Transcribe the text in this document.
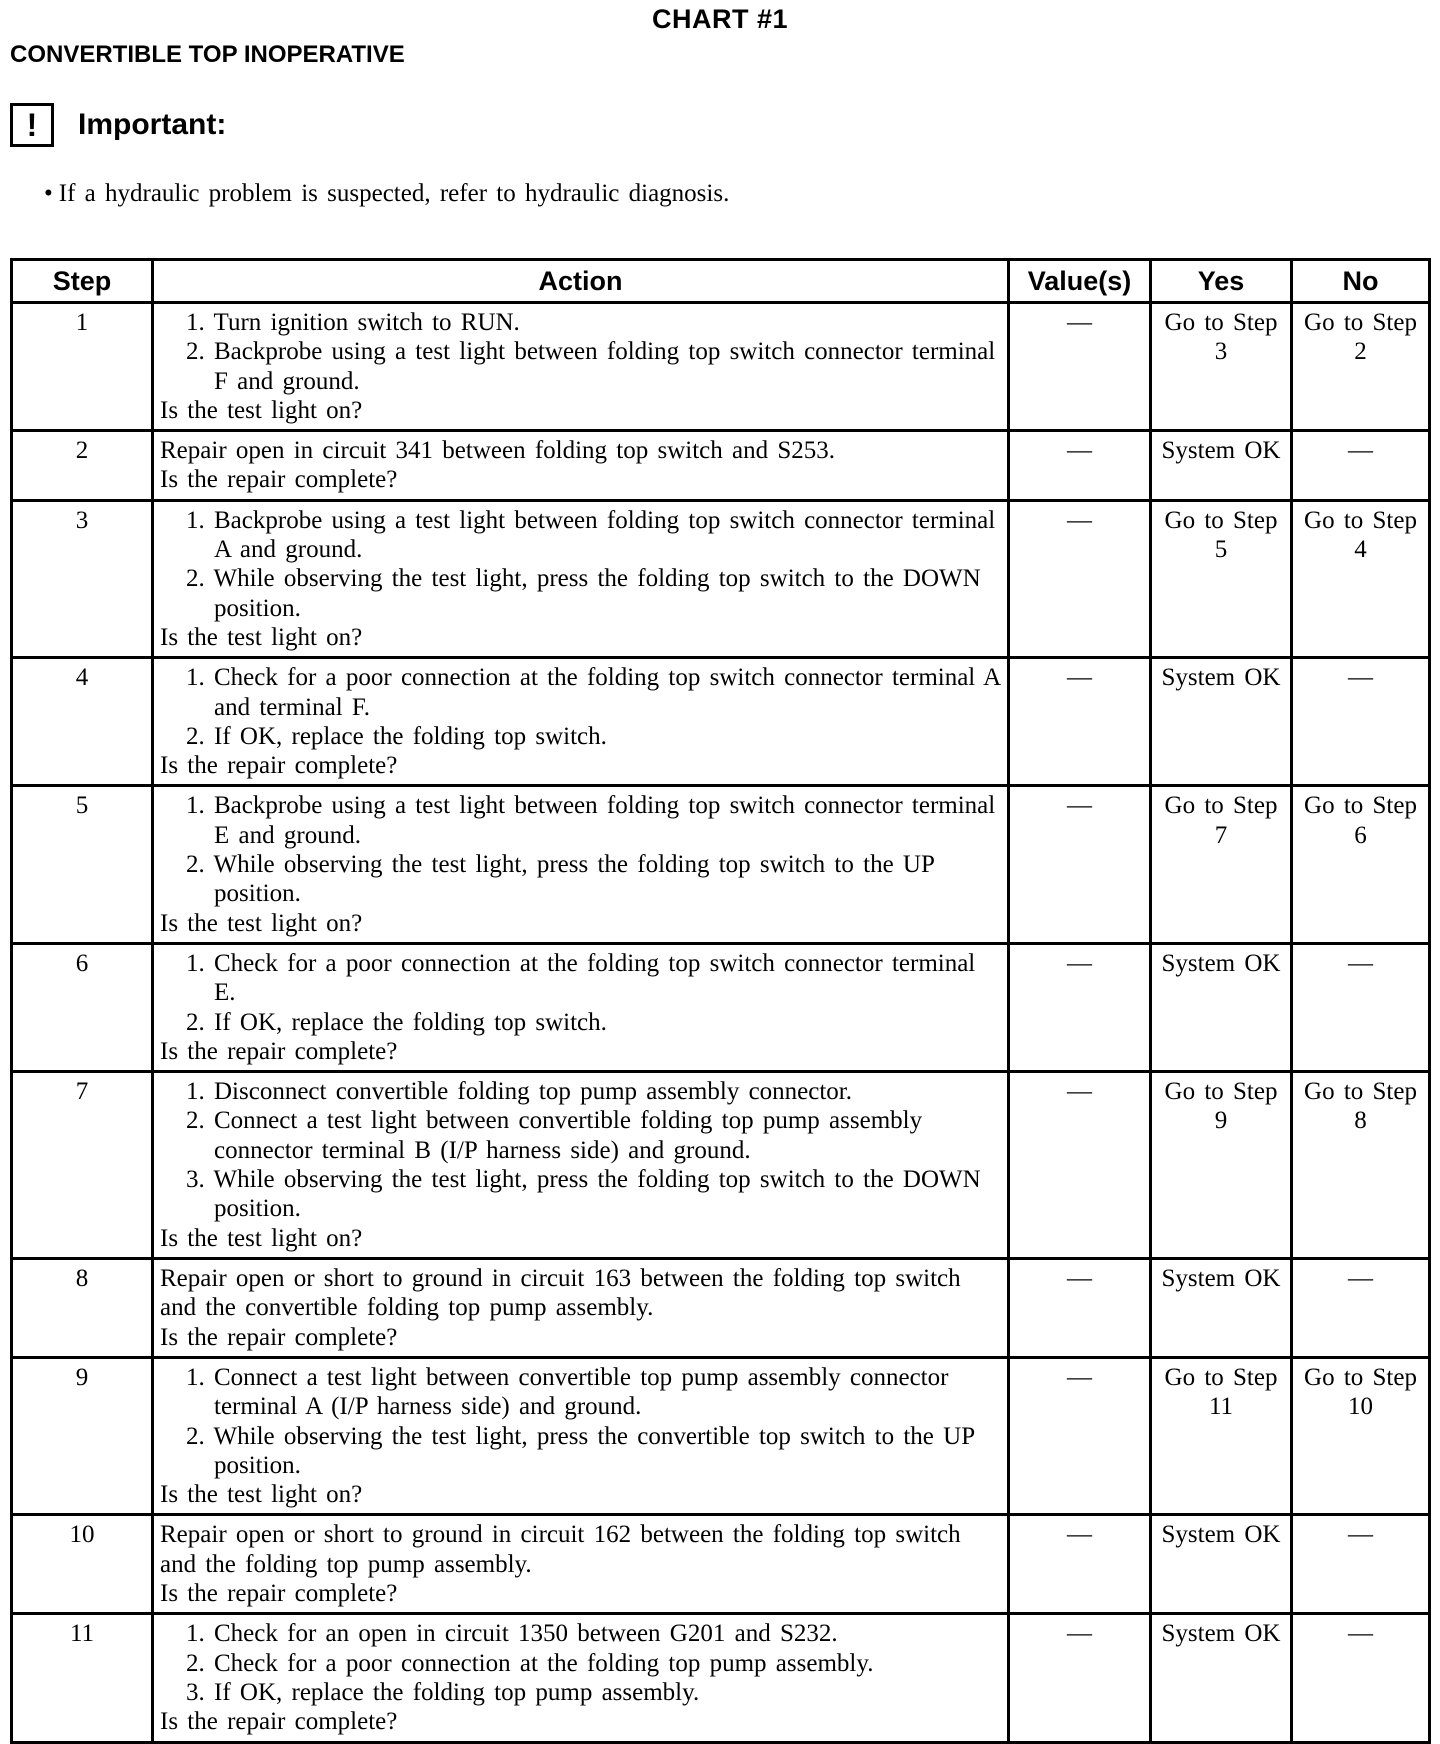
CHART #1
CONVERTIBLE TOP INOPERATIVE
!	Important:
• If a hydraulic problem is suspected, refer to hydraulic diagnosis.
Step	Action	Value(s)	Yes	No
1	1. Turn ignition switch to RUN.
2. Backprobe using a test light between folding top switch connector terminal F and ground.
Is the test light on?	—	Go to Step 3	Go to Step 2
2	Repair open in circuit 341 between folding top switch and S253.
Is the repair complete?	—	System OK	—
3	1. Backprobe using a test light between folding top switch connector terminal A and ground.
2. While observing the test light, press the folding top switch to the DOWN position.
Is the test light on?	—	Go to Step 5	Go to Step 4
4	1. Check for a poor connection at the folding top switch connector terminal A and terminal F.
2. If OK, replace the folding top switch.
Is the repair complete?	—	System OK	—
5	1. Backprobe using a test light between folding top switch connector terminal E and ground.
2. While observing the test light, press the folding top switch to the UP position.
Is the test light on?	—	Go to Step 7	Go to Step 6
6	1. Check for a poor connection at the folding top switch connector terminal E.
2. If OK, replace the folding top switch.
Is the repair complete?	—	System OK	—
7	1. Disconnect convertible folding top pump assembly connector.
2. Connect a test light between convertible folding top pump assembly connector terminal B (I/P harness side) and ground.
3. While observing the test light, press the folding top switch to the DOWN position.
Is the test light on?	—	Go to Step 9	Go to Step 8
8	Repair open or short to ground in circuit 163 between the folding top switch and the convertible folding top pump assembly.
Is the repair complete?	—	System OK	—
9	1. Connect a test light between convertible top pump assembly connector terminal A (I/P harness side) and ground.
2. While observing the test light, press the convertible top switch to the UP position.
Is the test light on?	—	Go to Step 11	Go to Step 10
10	Repair open or short to ground in circuit 162 between the folding top switch and the folding top pump assembly.
Is the repair complete?	—	System OK	—
11	1. Check for an open in circuit 1350 between G201 and S232.
2. Check for a poor connection at the folding top pump assembly.
3. If OK, replace the folding top pump assembly.
Is the repair complete?	—	System OK	—
